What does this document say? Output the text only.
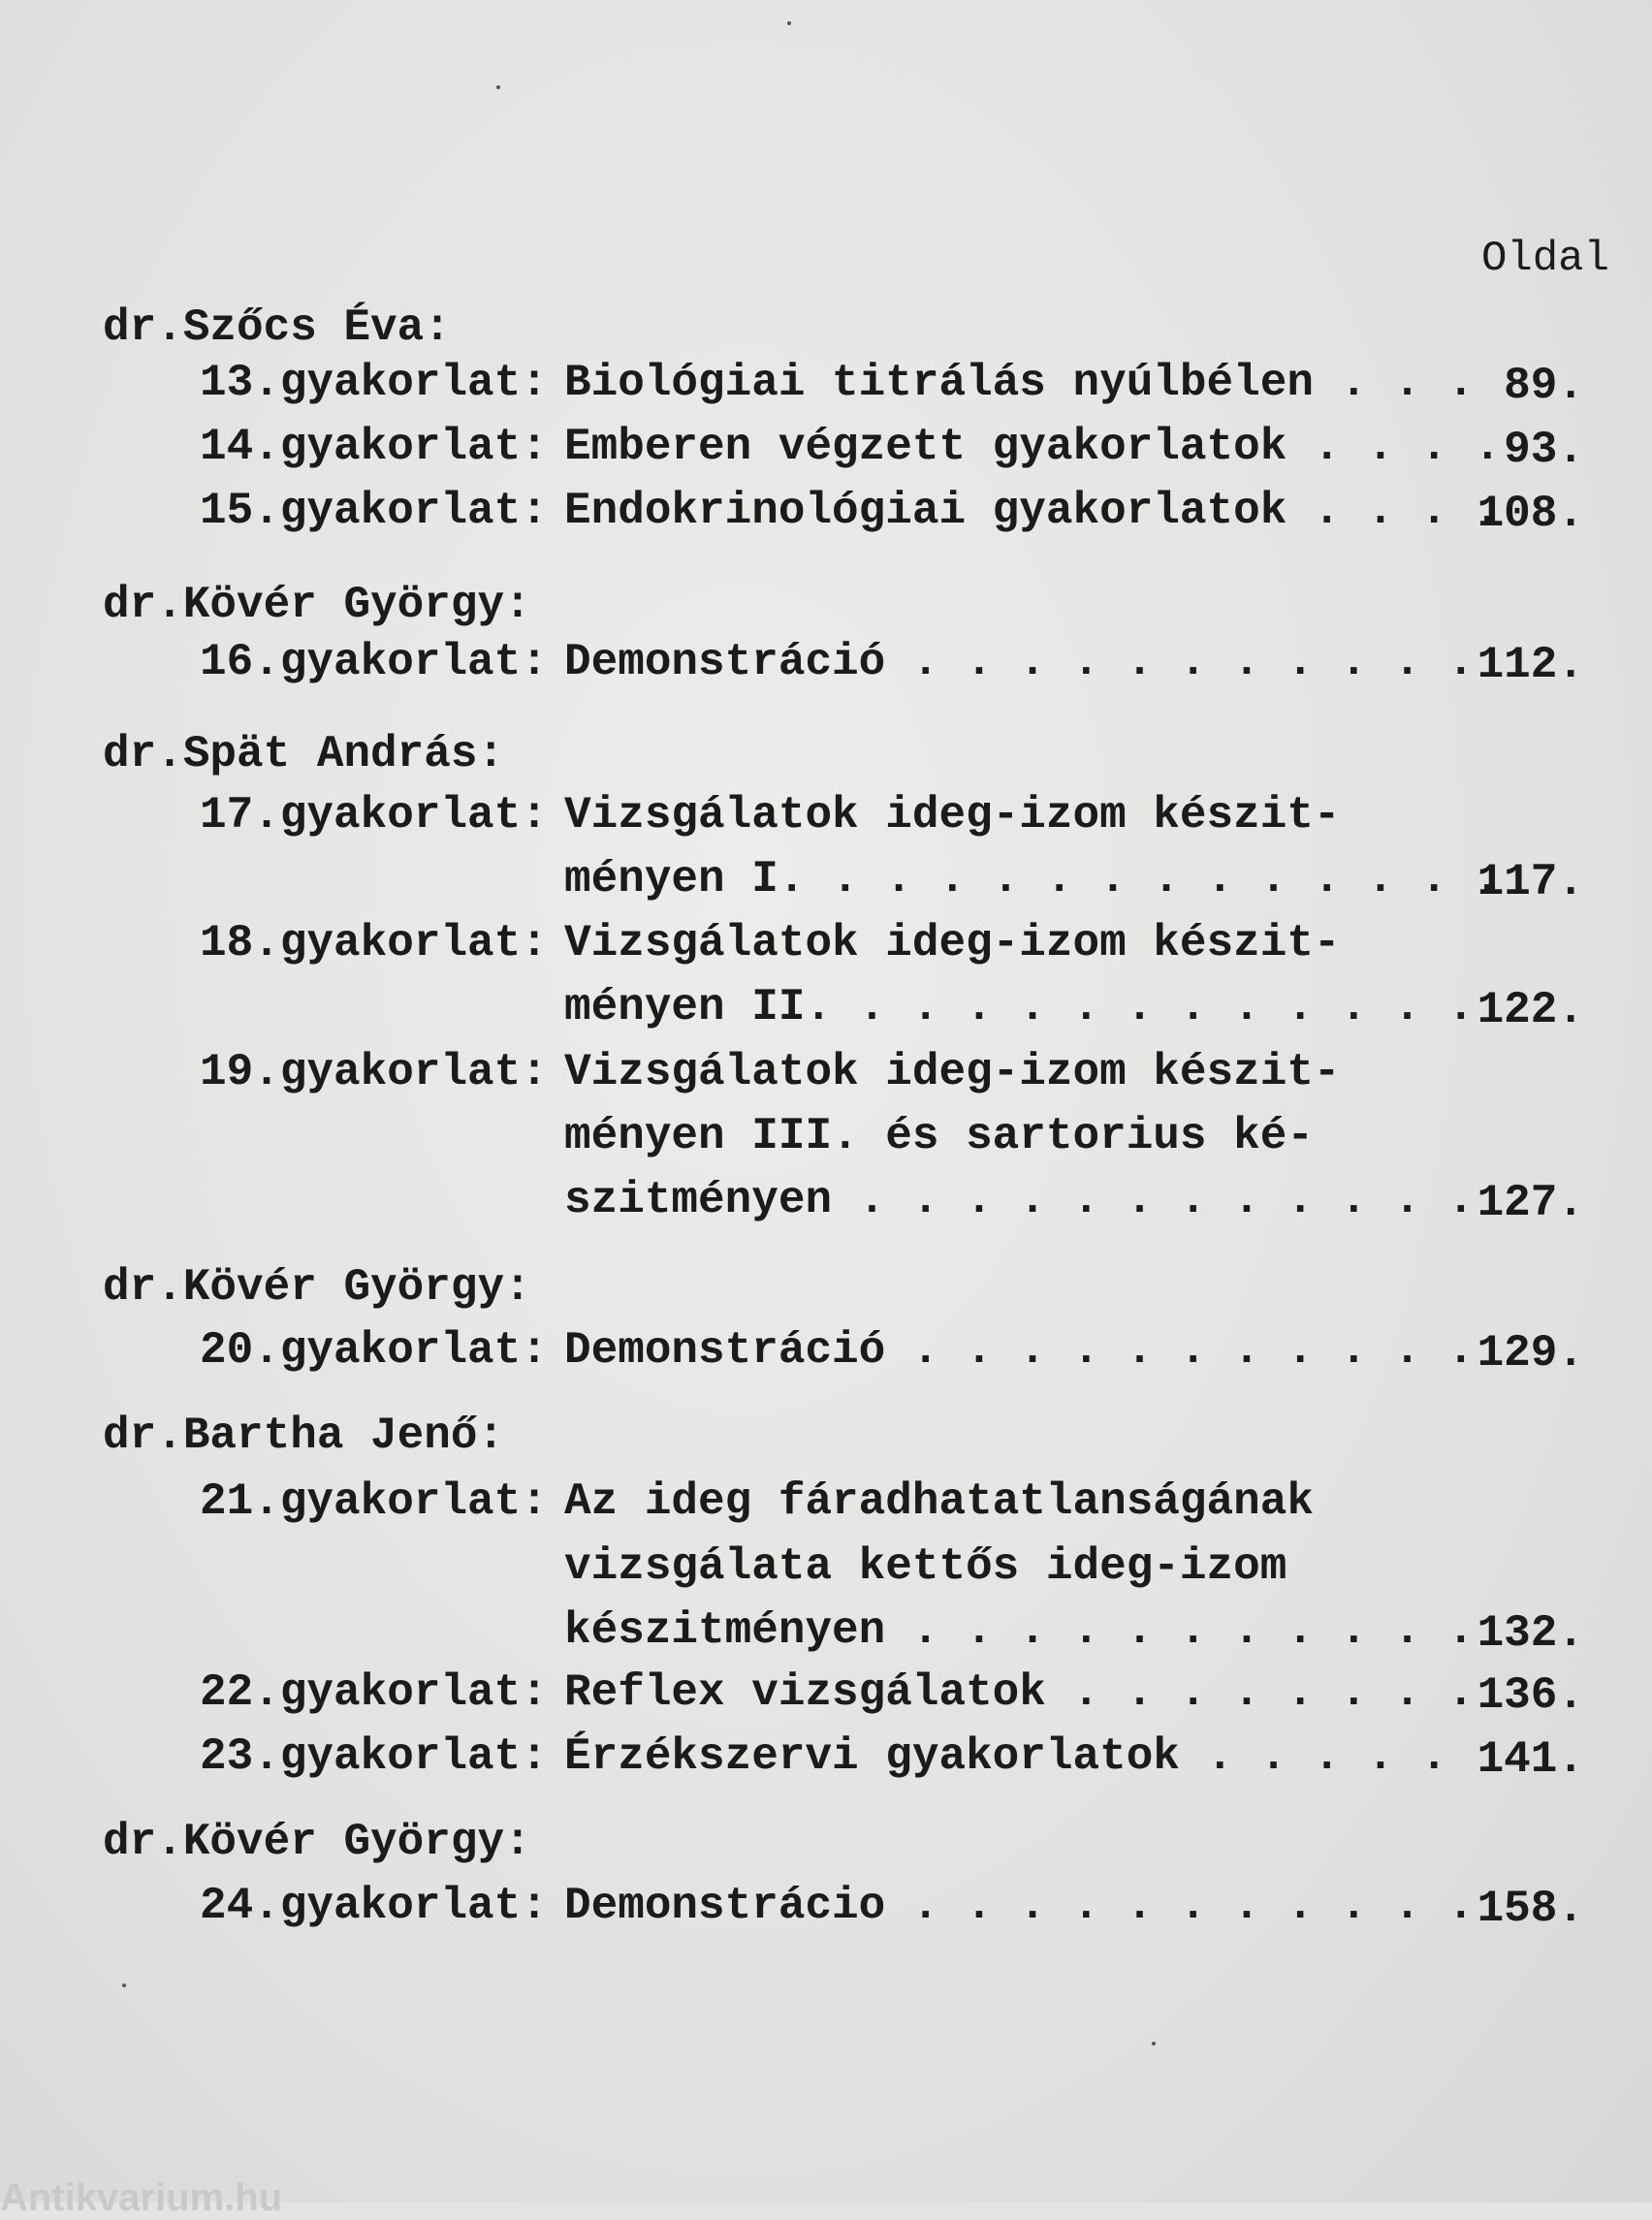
Oldal
dr.Szőcs Éva:
13.gyakorlat: Biológiai titrálás nyúlbélen . . . 89.
14.gyakorlat: Emberen végzett gyakorlatok . . . . 93.
15.gyakorlat: Endokrinológiai gyakorlatok . . . .
108.
dr.Kövér György:
16.gyakorlat: Demonstráció . . . . . . . . . . . 112.
dr.Spät András:
17.gyakorlat: Vizsgálatok ideg-izom készit-
ményen I. . . . . . . . . . . . . .
117.
18.gyakorlat: Vizsgálatok ideg-izom készit-
ményen II. . . . . . . . . . . . . 122.
19.gyakorlat: Vizsgálatok ideg-izom készit-
ményen III. és sartorius ké-
szitményen . . . . . . . . . . . . 127.
dr.Kövér György:
20.gyakorlat: Demonstráció . . . . . . . . . . . 129.
dr.Bartha Jenő:
21.gyakorlat: Az ideg fáradhatatlanságának
vizsgálata kettős ideg-izom
készitményen . . . . . . . . . . . 132.
22.gyakorlat: Reflex vizsgálatok . . . . . . . . 136.
23.gyakorlat: Érzékszervi gyakorlatok . . . . . 141.
dr.Kövér György:
24.gyakorlat: Demonstrácio . . . . . . . . . . . 158.
Antikvarium.hu
